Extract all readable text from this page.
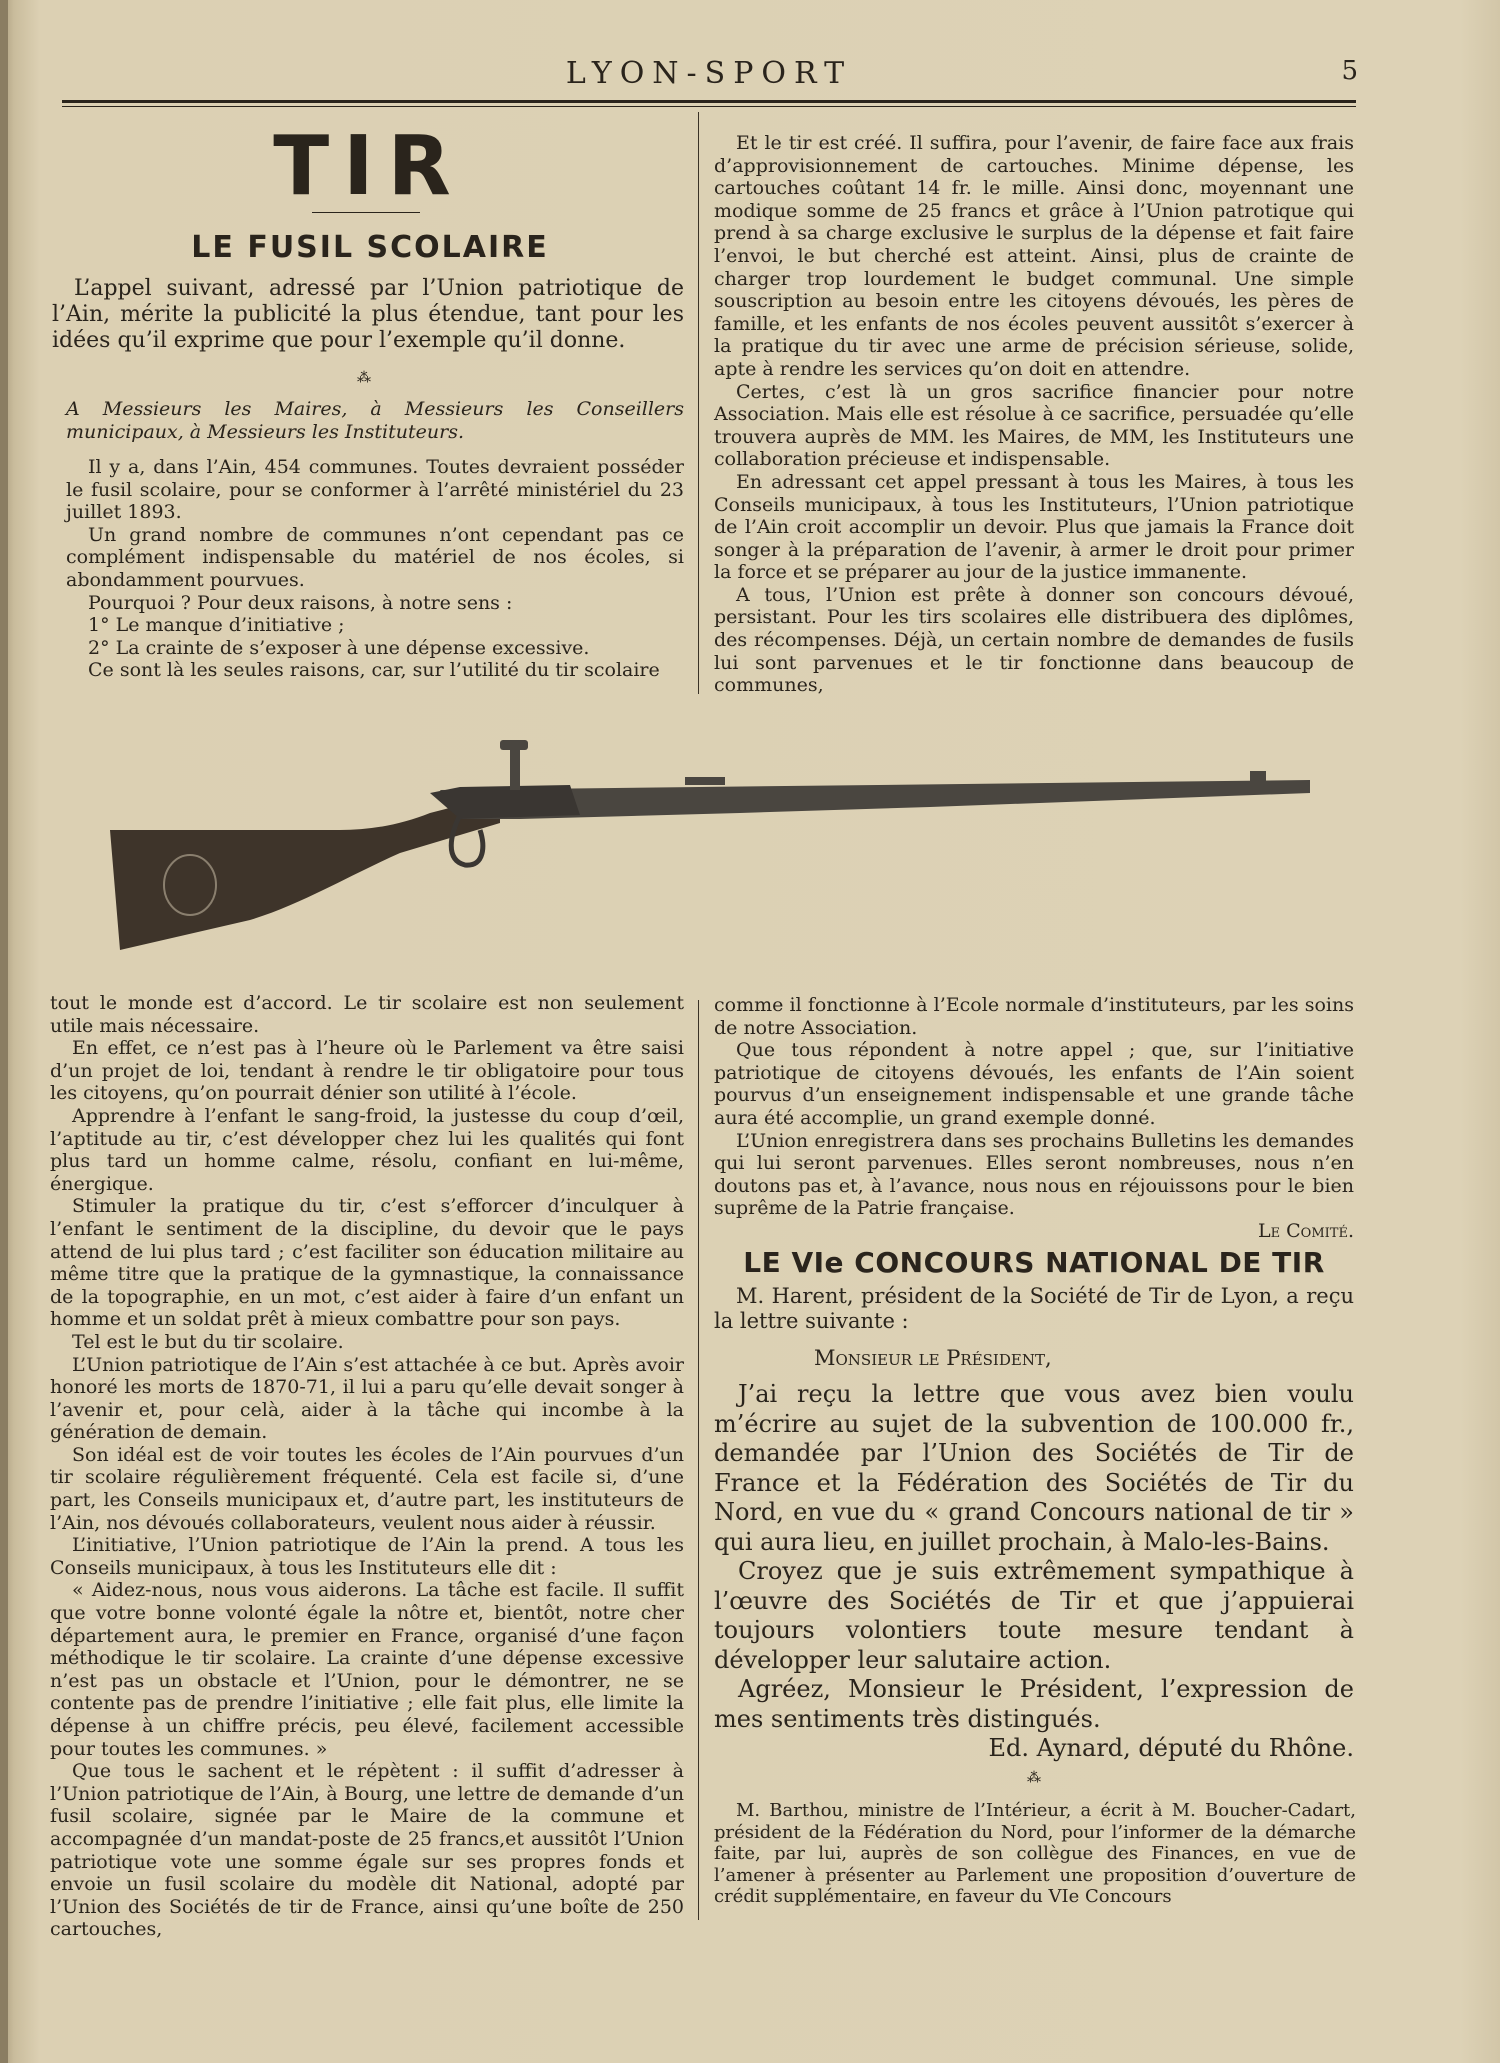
LYON-SPORT	5
TIR
LE FUSIL SCOLAIRE

L’appel suivant, adressé par l’Union patriotique de l’Ain, mérite la publicité la plus étendue, tant pour les idées qu’il exprime que pour l’exemple qu’il donne.

⁂
A Messieurs les Maires, à Messieurs les Conseillers municipaux, à Messieurs les Instituteurs.

Il y a, dans l’Ain, 454 communes. Toutes devraient posséder le fusil scolaire, pour se conformer à l’arrêté ministériel du 23 juillet 1893.

Un grand nombre de communes n’ont cependant pas ce complément indispensable du matériel de nos écoles, si abondamment pourvues.

Pourquoi ? Pour deux raisons, à notre sens :

1° Le manque d’initiative ;

2° La crainte de s’exposer à une dépense excessive.

Ce sont là les seules raisons, car, sur l’utilité du tir scolaire

Et le tir est créé. Il suffira, pour l’avenir, de faire face aux frais d’approvisionnement de cartouches. Minime dépense, les cartouches coûtant 14 fr. le mille. Ainsi donc, moyennant une modique somme de 25 francs et grâce à l’Union patrotique qui prend à sa charge exclusive le surplus de la dépense et fait faire l’envoi, le but cherché est atteint. Ainsi, plus de crainte de charger trop lourdement le budget communal. Une simple souscription au besoin entre les citoyens dévoués, les pères de famille, et les enfants de nos écoles peuvent aussitôt s’exercer à la pratique du tir avec une arme de précision sérieuse, solide, apte à rendre les services qu’on doit en attendre.

Certes, c’est là un gros sacrifice financier pour notre Association. Mais elle est résolue à ce sacrifice, persuadée qu’elle trouvera auprès de MM. les Maires, de MM, les Instituteurs une collaboration précieuse et indispensable.

En adressant cet appel pressant à tous les Maires, à tous les Conseils municipaux, à tous les Instituteurs, l’Union patriotique de l’Ain croit accomplir un devoir. Plus que jamais la France doit songer à la préparation de l’avenir, à armer le droit pour primer la force et se préparer au jour de la justice immanente.

A tous, l’Union est prête à donner son concours dévoué, persistant. Pour les tirs scolaires elle distribuera des diplômes, des récompenses. Déjà, un certain nombre de demandes de fusils lui sont parvenues et le tir fonctionne dans beaucoup de communes,

tout le monde est d’accord. Le tir scolaire est non seulement utile mais nécessaire.

En effet, ce n’est pas à l’heure où le Parlement va être saisi d’un projet de loi, tendant à rendre le tir obligatoire pour tous les citoyens, qu’on pourrait dénier son utilité à l’école.

Apprendre à l’enfant le sang-froid, la justesse du coup d’œil, l’aptitude au tir, c’est développer chez lui les qualités qui font plus tard un homme calme, résolu, confiant en lui-même, énergique.

Stimuler la pratique du tir, c’est s’efforcer d’inculquer à l’enfant le sentiment de la discipline, du devoir que le pays attend de lui plus tard ; c’est faciliter son éducation militaire au même titre que la pratique de la gymnastique, la connaissance de la topographie, en un mot, c’est aider à faire d’un enfant un homme et un soldat prêt à mieux combattre pour son pays.

Tel est le but du tir scolaire.

L’Union patriotique de l’Ain s’est attachée à ce but. Après avoir honoré les morts de 1870-71, il lui a paru qu’elle devait songer à l’avenir et, pour celà, aider à la tâche qui incombe à la génération de demain.

Son idéal est de voir toutes les écoles de l’Ain pourvues d’un tir scolaire régulièrement fréquenté. Cela est facile si, d’une part, les Conseils municipaux et, d’autre part, les instituteurs de l’Ain, nos dévoués collaborateurs, veulent nous aider à réussir.

L’initiative, l’Union patriotique de l’Ain la prend. A tous les Conseils municipaux, à tous les Instituteurs elle dit :

« Aidez-nous, nous vous aiderons. La tâche est facile. Il suffit que votre bonne volonté égale la nôtre et, bientôt, notre cher département aura, le premier en France, organisé d’une façon méthodique le tir scolaire. La crainte d’une dépense excessive n’est pas un obstacle et l’Union, pour le démontrer, ne se contente pas de prendre l’initiative ; elle fait plus, elle limite la dépense à un chiffre précis, peu élevé, facilement accessible pour toutes les communes. »

Que tous le sachent et le répètent : il suffit d’adresser à l’Union patriotique de l’Ain, à Bourg, une lettre de demande d’un fusil scolaire, signée par le Maire de la commune et accompagnée d’un mandat-poste de 25 francs,et aussitôt l’Union patriotique vote une somme égale sur ses propres fonds et envoie un fusil scolaire du modèle dit National, adopté par l’Union des Sociétés de tir de France, ainsi qu’une boîte de 250 cartouches,

comme il fonctionne à l’Ecole normale d’instituteurs, par les soins de notre Association.

Que tous répondent à notre appel ; que, sur l’initiative patriotique de citoyens dévoués, les enfants de l’Ain soient pourvus d’un enseignement indispensable et une grande tâche aura été accomplie, un grand exemple donné.

L’Union enregistrera dans ses prochains Bulletins les demandes qui lui seront parvenues. Elles seront nombreuses, nous n’en doutons pas et, à l’avance, nous nous en réjouissons pour le bien suprême de la Patrie française.

Le Comité.

LE VIe CONCOURS NATIONAL DE TIR

M. Harent, président de la Société de Tir de Lyon, a reçu la lettre suivante :

Monsieur le Président,

J’ai reçu la lettre que vous avez bien voulu m’écrire au sujet de la subvention de 100.000 fr., demandée par l’Union des Sociétés de Tir de France et la Fédération des Sociétés de Tir du Nord, en vue du « grand Concours national de tir » qui aura lieu, en juillet prochain, à Malo-les-Bains.

Croyez que je suis extrêmement sympathique à l’œuvre des Sociétés de Tir et que j’appuierai toujours volontiers toute mesure tendant à développer leur salutaire action.

Agréez, Monsieur le Président, l’expression de mes sentiments très distingués.

Ed. Aynard, député du Rhône.

⁂

M. Barthou, ministre de l’Intérieur, a écrit à M. Boucher-Cadart, président de la Fédération du Nord, pour l’informer de la démarche faite, par lui, auprès de son collègue des Finances, en vue de l’amener à présenter au Parlement une proposition d’ouverture de crédit supplémentaire, en faveur du VIe Concours
